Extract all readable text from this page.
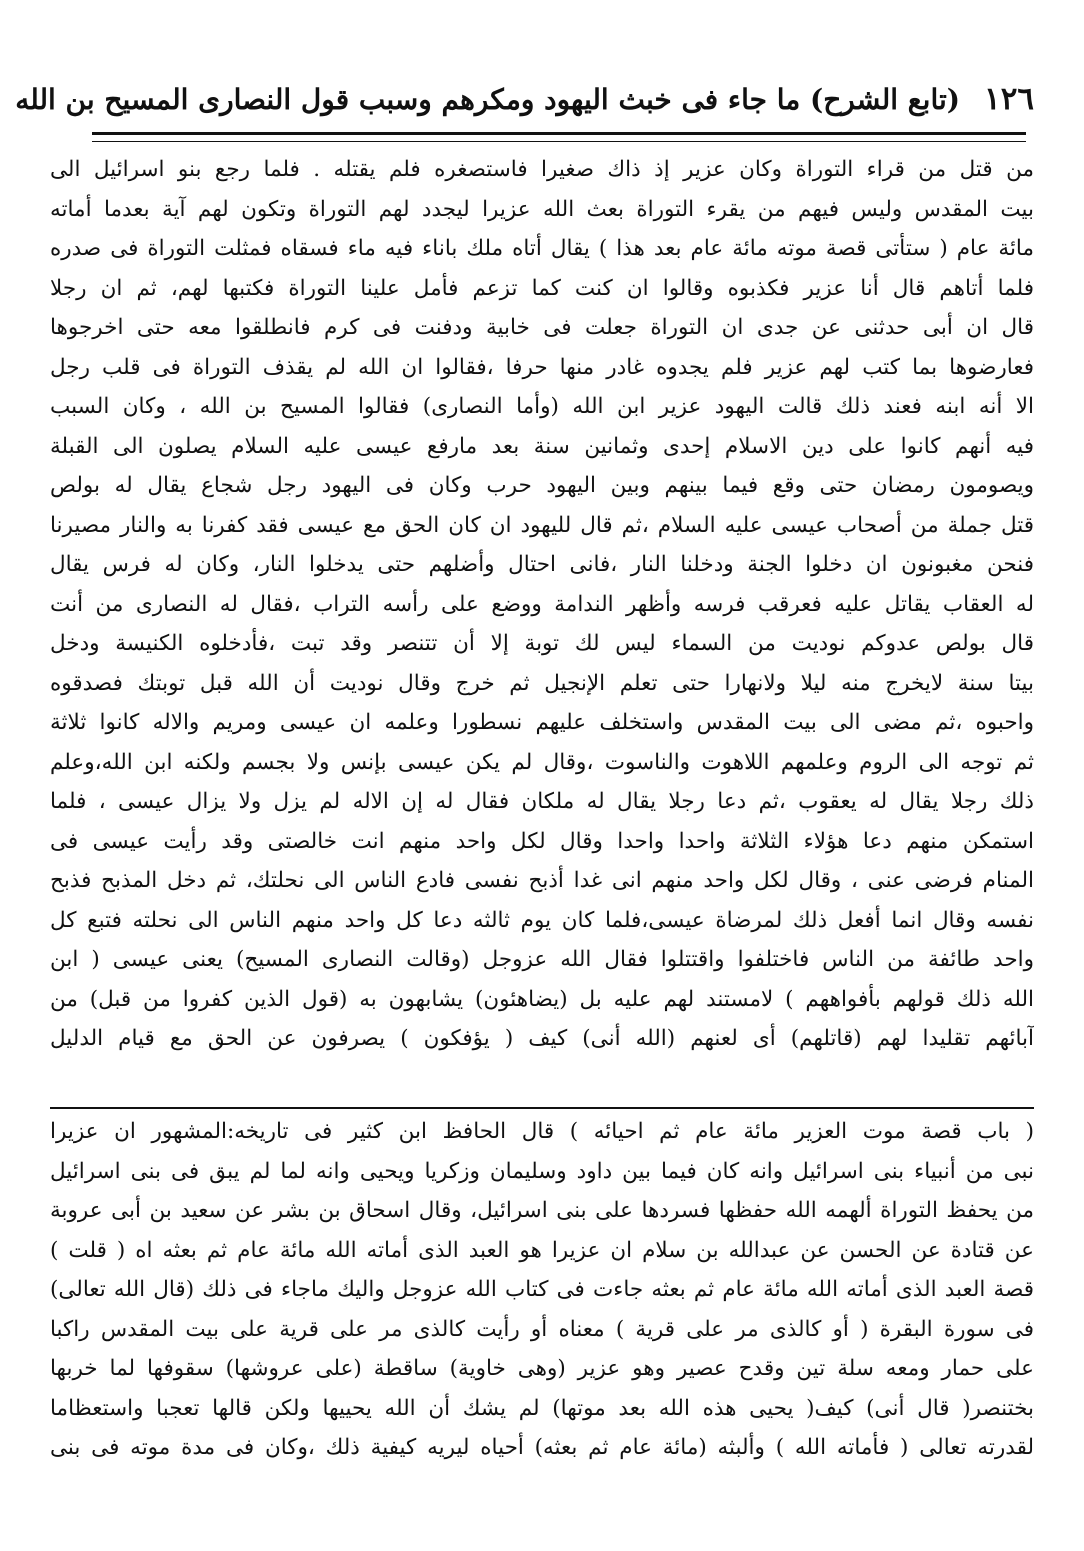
١٢٦
(تابع الشرح) ما جاء فى خبث اليهود ومكرهم وسبب قول النصارى المسيح بن الله
من قتل من قراء التوراة وكان عزير إذ ذاك صغيرا فاستصغره فلم يقتله . فلما رجع بنو اسرائيل الى
بيت المقدس وليس فيهم من يقرء التوراة بعث الله عزيرا ليجدد لهم التوراة وتكون لهم آية بعدما أماته
مائة عام ( ستأتى قصة موته مائة عام بعد هذا ) يقال أتاه ملك باناء فيه ماء فسقاه فمثلت التوراة فى صدره
فلما أتاهم قال أنا عزير فكذبوه وقالوا ان كنت كما تزعم فأمل علينا التوراة فكتبها لهم، ثم ان رجلا
قال ان أبى حدثنى عن جدى ان التوراة جعلت فى خابية ودفنت فى كرم فانطلقوا معه حتى اخرجوها
فعارضوها بما كتب لهم عزير فلم يجدوه غادر منها حرفا ،فقالوا ان الله لم يقذف التوراة فى قلب رجل
الا أنه ابنه فعند ذلك قالت اليهود عزير ابن الله (وأما النصارى) فقالوا المسيح بن الله ، وكان السبب
فيه أنهم كانوا على دين الاسلام إحدى وثمانين سنة بعد مارفع عيسى عليه السلام يصلون الى القبلة
ويصومون رمضان حتى وقع فيما بينهم وبين اليهود حرب وكان فى اليهود رجل شجاع يقال له بولص
قتل جملة من أصحاب عيسى عليه السلام ،ثم قال لليهود ان كان الحق مع عيسى فقد كفرنا به والنار مصيرنا
فنحن مغبونون ان دخلوا الجنة ودخلنا النار ،فانى احتال وأضلهم حتى يدخلوا النار، وكان له فرس يقال
له العقاب يقاتل عليه فعرقب فرسه وأظهر الندامة ووضع على رأسه التراب ،فقال له النصارى من أنت
قال بولص عدوكم نوديت من السماء ليس لك توبة إلا أن تتنصر وقد تبت ،فأدخلوه الكنيسة ودخل
بيتا سنة لايخرج منه ليلا ولانهارا حتى تعلم الإنجيل ثم خرج وقال نوديت أن الله قبل توبتك فصدقوه
واحبوه ،ثم مضى الى بيت المقدس واستخلف عليهم نسطورا وعلمه ان عيسى ومريم والاله كانوا ثلاثة
ثم توجه الى الروم وعلمهم اللاهوت والناسوت ،وقال لم يكن عيسى بإنس ولا بجسم ولكنه ابن الله،وعلم
ذلك رجلا يقال له يعقوب ،ثم دعا رجلا يقال له ملكان فقال له إن الاله لم يزل ولا يزال عيسى ، فلما
استمكن منهم دعا هؤلاء الثلاثة واحدا واحدا وقال لكل واحد منهم انت خالصتى وقد رأيت عيسى فى
المنام فرضى عنى ، وقال لكل واحد منهم انى غدا أذبح نفسى فادع الناس الى نحلتك، ثم دخل المذبح فذبح
نفسه وقال انما أفعل ذلك لمرضاة عيسى،فلما كان يوم ثالثه دعا كل واحد منهم الناس الى نحلته فتبع كل
واحد طائفة من الناس فاختلفوا واقتتلوا فقال الله عزوجل (وقالت النصارى المسيح) يعنى عيسى ( ابن
الله ذلك قولهم بأفواههم ) لامستند لهم عليه بل (يضاهئون) يشابهون به (قول الذين كفروا من قبل) من
آبائهم تقليدا لهم (قاتلهم) أى لعنهم (الله أنى) كيف ( يؤفكون ) يصرفون عن الحق مع قيام الدليل
( باب قصة موت العزير مائة عام ثم احيائه ) قال الحافظ ابن كثير فى تاريخه:المشهور ان عزيرا
نبى من أنبياء بنى اسرائيل وانه كان فيما بين داود وسليمان وزكريا ويحيى وانه لما لم يبق فى بنى اسرائيل
من يحفظ التوراة ألهمه الله حفظها فسردها على بنى اسرائيل، وقال اسحاق بن بشر عن سعيد بن أبى عروبة
عن قتادة عن الحسن عن عبدالله بن سلام ان عزيرا هو العبد الذى أماته الله مائة عام ثم بعثه اه ( قلت )
قصة العبد الذى أماته الله مائة عام ثم بعثه جاءت فى كتاب الله عزوجل واليك ماجاء فى ذلك (قال الله تعالى)
فى سورة البقرة ( أو كالذى مر على قرية ) معناه أو رأيت كالذى مر على قرية على بيت المقدس راكبا
على حمار ومعه سلة تين وقدح عصير وهو عزير (وهى خاوية) ساقطة (على عروشها) سقوفها لما خربها
بختنصر( قال أنى) كيف( يحيى هذه الله بعد موتها) لم يشك أن الله يحييها ولكن قالها تعجبا واستعظاما
لقدرته تعالى ( فأماته الله ) وألبثه (مائة عام ثم بعثه) أحياه ليريه كيفية ذلك ،وكان فى مدة موته فى بنى
